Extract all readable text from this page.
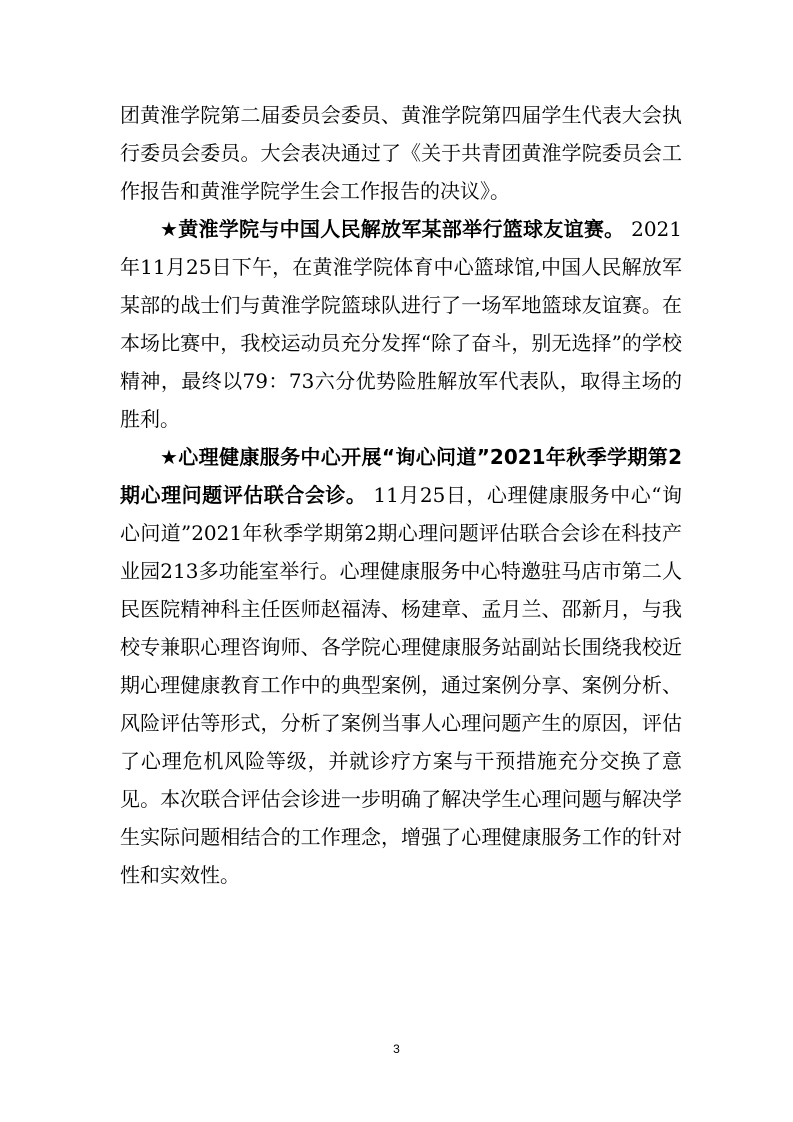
团黄淮学院第二届委员会委员、黄淮学院第四届学生代表大会执行委员会委员。大会表决通过了《关于共青团黄淮学院委员会工作报告和黄淮学院学生会工作报告的决议》。

★黄淮学院与中国人民解放军某部举行篮球友谊赛。 2021年11月25日下午，在黄淮学院体育中心篮球馆,中国人民解放军某部的战士们与黄淮学院篮球队进行了一场军地篮球友谊赛。在本场比赛中，我校运动员充分发挥“除了奋斗，别无选择”的学校精神，最终以79：73六分优势险胜解放军代表队，取得主场的胜利。

★心理健康服务中心开展“询心问道”2021年秋季学期第2期心理问题评估联合会诊。 11月25日，心理健康服务中心“询心问道”2021年秋季学期第2期心理问题评估联合会诊在科技产业园213多功能室举行。心理健康服务中心特邀驻马店市第二人民医院精神科主任医师赵福涛、杨建章、孟月兰、邵新月，与我校专兼职心理咨询师、各学院心理健康服务站副站长围绕我校近期心理健康教育工作中的典型案例，通过案例分享、案例分析、风险评估等形式，分析了案例当事人心理问题产生的原因，评估了心理危机风险等级，并就诊疗方案与干预措施充分交换了意见。本次联合评估会诊进一步明确了解决学生心理问题与解决学生实际问题相结合的工作理念，增强了心理健康服务工作的针对性和实效性。

3
